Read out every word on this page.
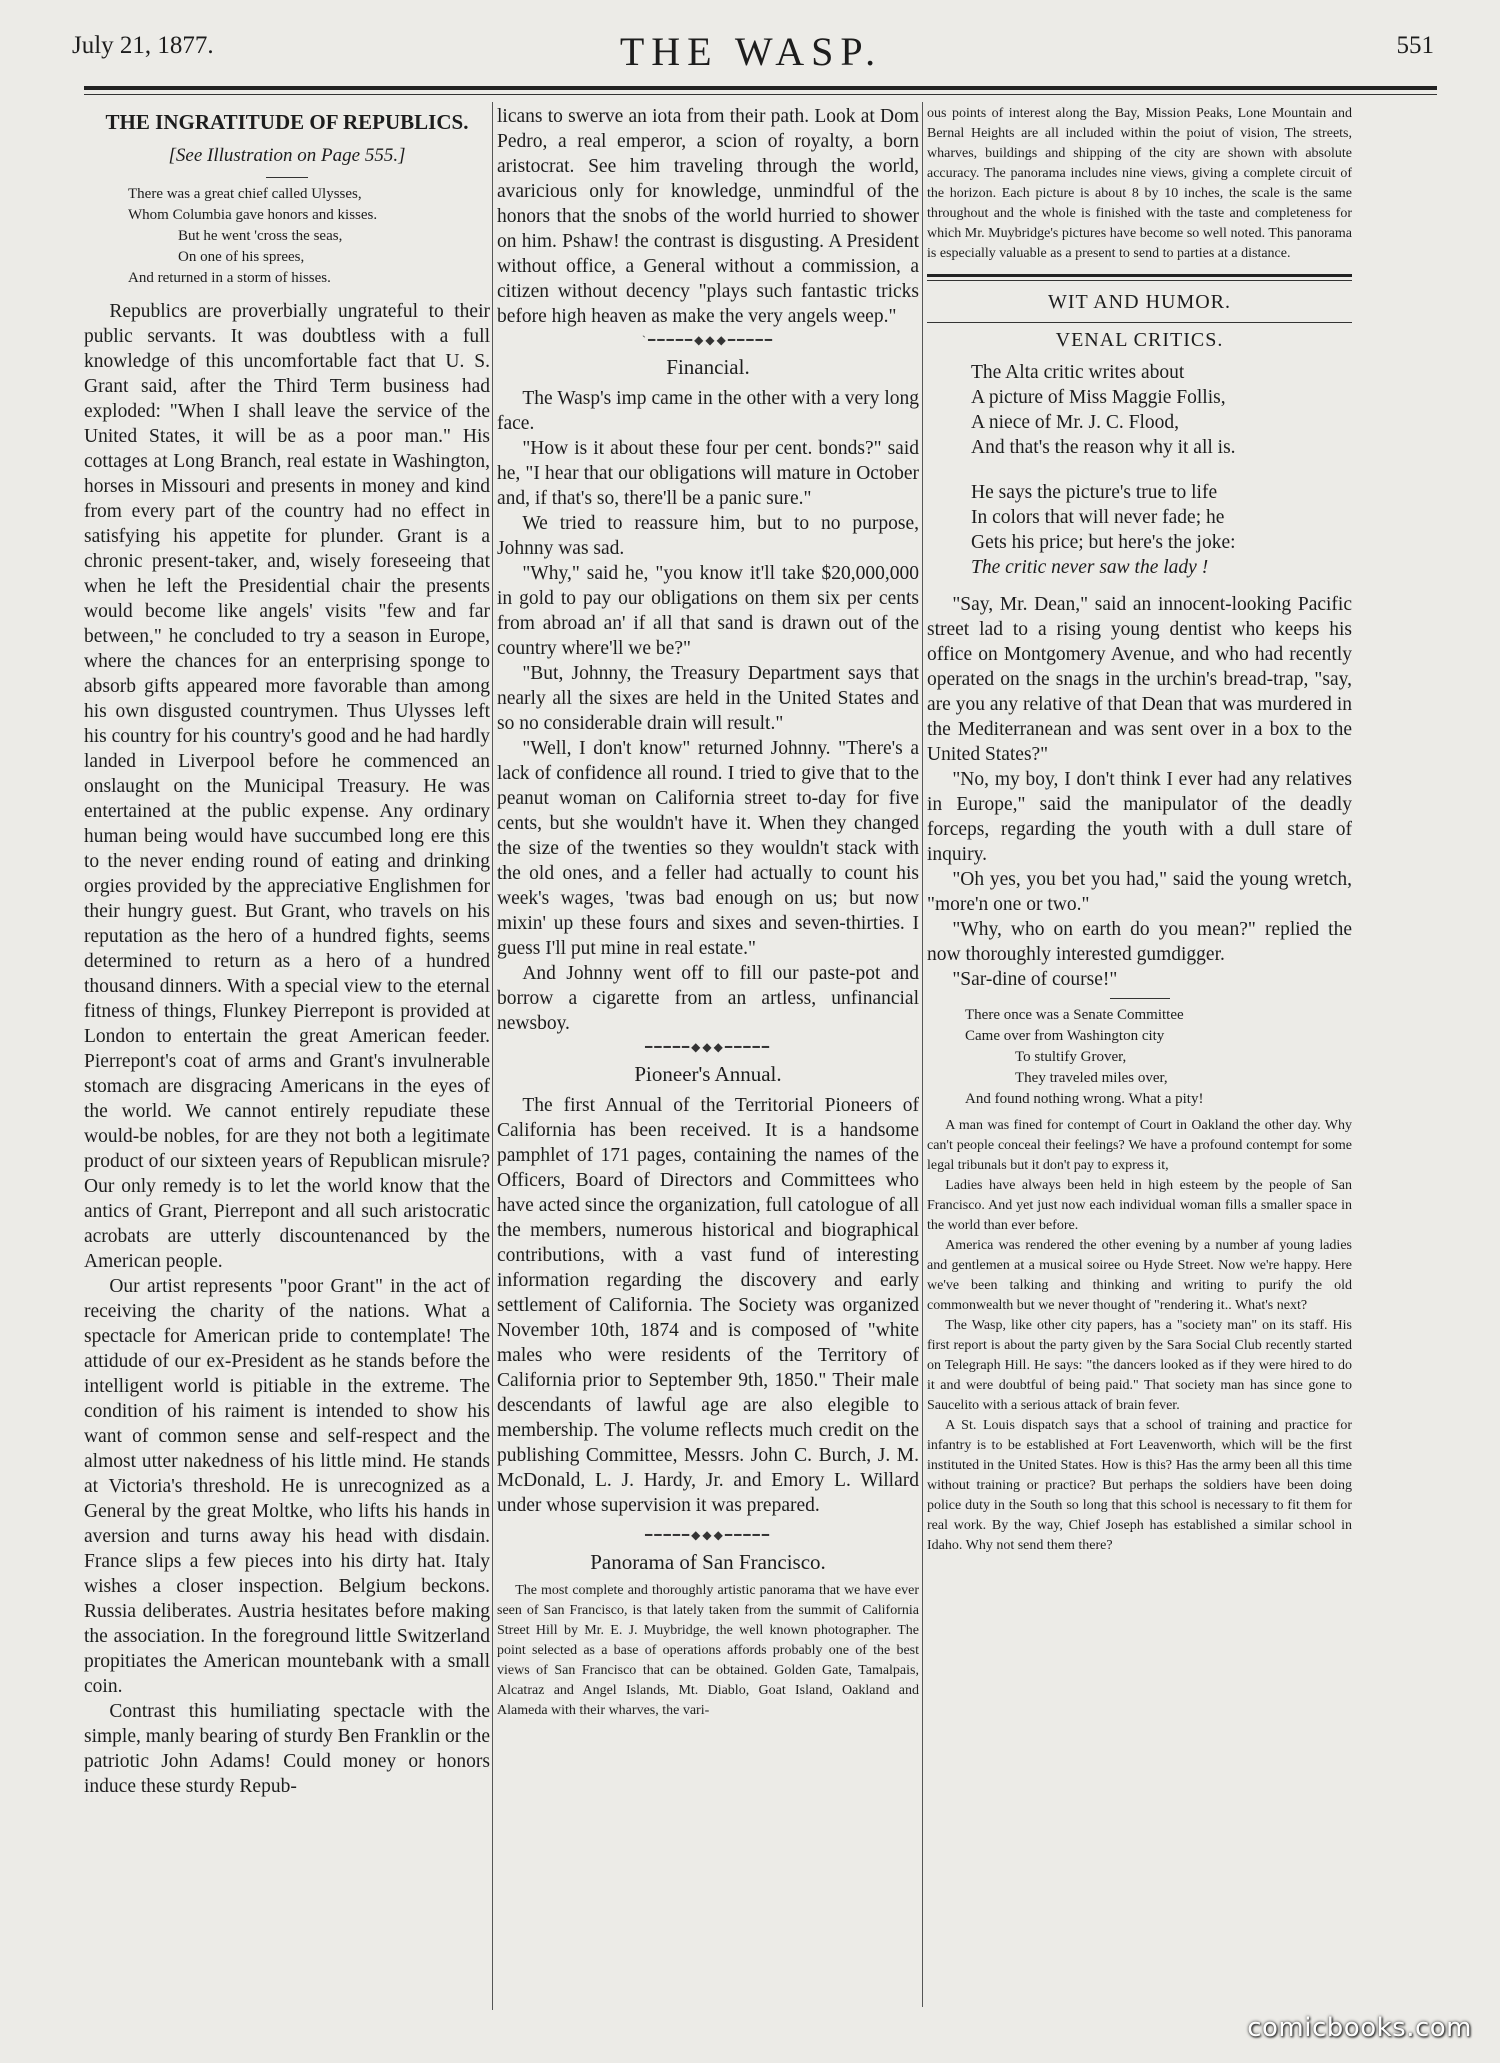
July 21, 1877.	THE WASP.	551
THE INGRATITUDE OF REPUBLICS.
[See Illustration on Page 555.]
There was a great chief called Ulysses,
Whom Columbia gave honors and kisses.
But he went 'cross the seas,
On one of his sprees,
And returned in a storm of hisses.

Republics are proverbially ungrateful to their public servants. It was doubtless with a full knowledge of this uncomfortable fact that U. S. Grant said, after the Third Term business had exploded: "When I shall leave the service of the United States, it will be as a poor man." His cottages at Long Branch, real estate in Washington, horses in Missouri and presents in money and kind from every part of the country had no effect in satisfying his appetite for plunder. Grant is a chronic present-taker, and, wisely foreseeing that when he left the Presidential chair the presents would become like angels' visits "few and far between," he concluded to try a season in Europe, where the chances for an enterprising sponge to absorb gifts appeared more favorable than among his own disgusted countrymen. Thus Ulysses left his country for his country's good and he had hardly landed in Liverpool before he commenced an onslaught on the Municipal Treasury. He was entertained at the public expense. Any ordinary human being would have succumbed long ere this to the never ending round of eating and drinking orgies provided by the appreciative Englishmen for their hungry guest. But Grant, who travels on his reputation as the hero of a hundred fights, seems determined to return as a hero of a hundred thousand dinners. With a special view to the eternal fitness of things, Flunkey Pierrepont is provided at London to entertain the great American feeder. Pierrepont's coat of arms and Grant's invulnerable stomach are disgracing Americans in the eyes of the world. We cannot entirely repudiate these would-be nobles, for are they not both a legitimate product of our sixteen years of Republican misrule? Our only remedy is to let the world know that the antics of Grant, Pierrepont and all such aristocratic acrobats are utterly discountenanced by the American people.

Our artist represents "poor Grant" in the act of receiving the charity of the nations. What a spectacle for American pride to contemplate! The attidude of our ex-President as he stands before the intelligent world is pitiable in the extreme. The condition of his raiment is intended to show his want of common sense and self-respect and the almost utter nakedness of his little mind. He stands at Victoria's threshold. He is unrecognized as a General by the great Moltke, who lifts his hands in aversion and turns away his head with disdain. France slips a few pieces into his dirty hat. Italy wishes a closer inspection. Belgium beckons. Russia deliberates. Austria hesitates before making the association. In the foreground little Switzerland propitiates the American mountebank with a small coin.

Contrast this humiliating spectacle with the simple, manly bearing of sturdy Ben Franklin or the patriotic John Adams! Could money or honors induce these sturdy Repub-

licans to swerve an iota from their path. Look at Dom Pedro, a real emperor, a scion of royalty, a born aristocrat. See him traveling through the world, avaricious only for knowledge, unmindful of the honors that the snobs of the world hurried to shower on him. Pshaw! the contrast is disgusting. A President without office, a General without a commission, a citizen without decency "plays such fantastic tricks before high heaven as make the very angels weep."

`━━━━━◆◆◆━━━━━
Financial.

The Wasp's imp came in the other with a very long face.

"How is it about these four per cent. bonds?" said he, "I hear that our obligations will mature in October and, if that's so, there'll be a panic sure."

We tried to reassure him, but to no purpose, Johnny was sad.

"Why," said he, "you know it'll take $20,000,000 in gold to pay our obligations on them six per cents from abroad an' if all that sand is drawn out of the country where'll we be?"

"But, Johnny, the Treasury Department says that nearly all the sixes are held in the United States and so no considerable drain will result."

"Well, I don't know" returned Johnny. "There's a lack of confidence all round. I tried to give that to the peanut woman on California street to-day for five cents, but she wouldn't have it. When they changed the size of the twenties so they wouldn't stack with the old ones, and a feller had actually to count his week's wages, 'twas bad enough on us; but now mixin' up these fours and sixes and seven-thirties. I guess I'll put mine in real estate."

And Johnny went off to fill our paste-pot and borrow a cigarette from an artless, unfinancial newsboy.

━━━━━◆◆◆━━━━━
Pioneer's Annual.

The first Annual of the Territorial Pioneers of California has been received. It is a handsome pamphlet of 171 pages, containing the names of the Officers, Board of Directors and Committees who have acted since the organization, full catologue of all the members, numerous historical and biographical contributions, with a vast fund of interesting information regarding the discovery and early settlement of California. The Society was organized November 10th, 1874 and is composed of "white males who were residents of the Territory of California prior to September 9th, 1850." Their male descendants of lawful age are also elegible to membership. The volume reflects much credit on the publishing Committee, Messrs. John C. Burch, J. M. McDonald, L. J. Hardy, Jr. and Emory L. Willard under whose supervision it was prepared.

━━━━━◆◆◆━━━━━
Panorama of San Francisco.

The most complete and thoroughly artistic panorama that we have ever seen of San Francisco, is that lately taken from the summit of California Street Hill by Mr. E. J. Muybridge, the well known photographer. The point selected as a base of operations affords probably one of the best views of San Francisco that can be obtained. Golden Gate, Tamalpais, Alcatraz and Angel Islands, Mt. Diablo, Goat Island, Oakland and Alameda with their wharves, the vari-

ous points of interest along the Bay, Mission Peaks, Lone Mountain and Bernal Heights are all included within the poiut of vision, The streets, wharves, buildings and shipping of the city are shown with absolute accuracy. The panorama includes nine views, giving a complete circuit of the horizon. Each picture is about 8 by 10 inches, the scale is the same throughout and the whole is finished with the taste and completeness for which Mr. Muybridge's pictures have become so well noted. This panorama is especially valuable as a present to send to parties at a distance.

WIT AND HUMOR.
VENAL CRITICS.
The Alta critic writes about
A picture of Miss Maggie Follis,
A niece of Mr. J. C. Flood,
And that's the reason why it all is.
He says the picture's true to life
In colors that will never fade; he
Gets his price; but here's the joke:
The critic never saw the lady !

"Say, Mr. Dean," said an innocent-looking Pacific street lad to a rising young dentist who keeps his office on Montgomery Avenue, and who had recently operated on the snags in the urchin's bread-trap, "say, are you any relative of that Dean that was murdered in the Mediterranean and was sent over in a box to the United States?"

"No, my boy, I don't think I ever had any relatives in Europe," said the manipulator of the deadly forceps, regarding the youth with a dull stare of inquiry.

"Oh yes, you bet you had," said the young wretch, "more'n one or two."

"Why, who on earth do you mean?" replied the now thoroughly interested gumdigger.

"Sar-dine of course!"

There once was a Senate Committee
Came over from Washington city
To stultify Grover,
They traveled miles over,
And found nothing wrong. What a pity!

A man was fined for contempt of Court in Oakland the other day. Why can't people conceal their feelings? We have a profound contempt for some legal tribunals but it don't pay to express it,

Ladies have always been held in high esteem by the people of San Francisco. And yet just now each individual woman fills a smaller space in the world than ever before.

America was rendered the other evening by a number af young ladies and gentlemen at a musical soiree ou Hyde Street. Now we're happy. Here we've been talking and thinking and writing to purify the old commonwealth but we never thought of "rendering it.. What's next?

The Wasp, like other city papers, has a "society man" on its staff. His first report is about the party given by the Sara Social Club recently started on Telegraph Hill. He says: "the dancers looked as if they were hired to do it and were doubtful of being paid." That society man has since gone to Saucelito with a serious attack of brain fever.

A St. Louis dispatch says that a school of training and practice for infantry is to be established at Fort Leavenworth, which will be the first instituted in the United States. How is this? Has the army been all this time without training or practice? But perhaps the soldiers have been doing police duty in the South so long that this school is necessary to fit them for real work. By the way, Chief Joseph has established a similar school in Idaho. Why not send them there?

comicbooks.com
